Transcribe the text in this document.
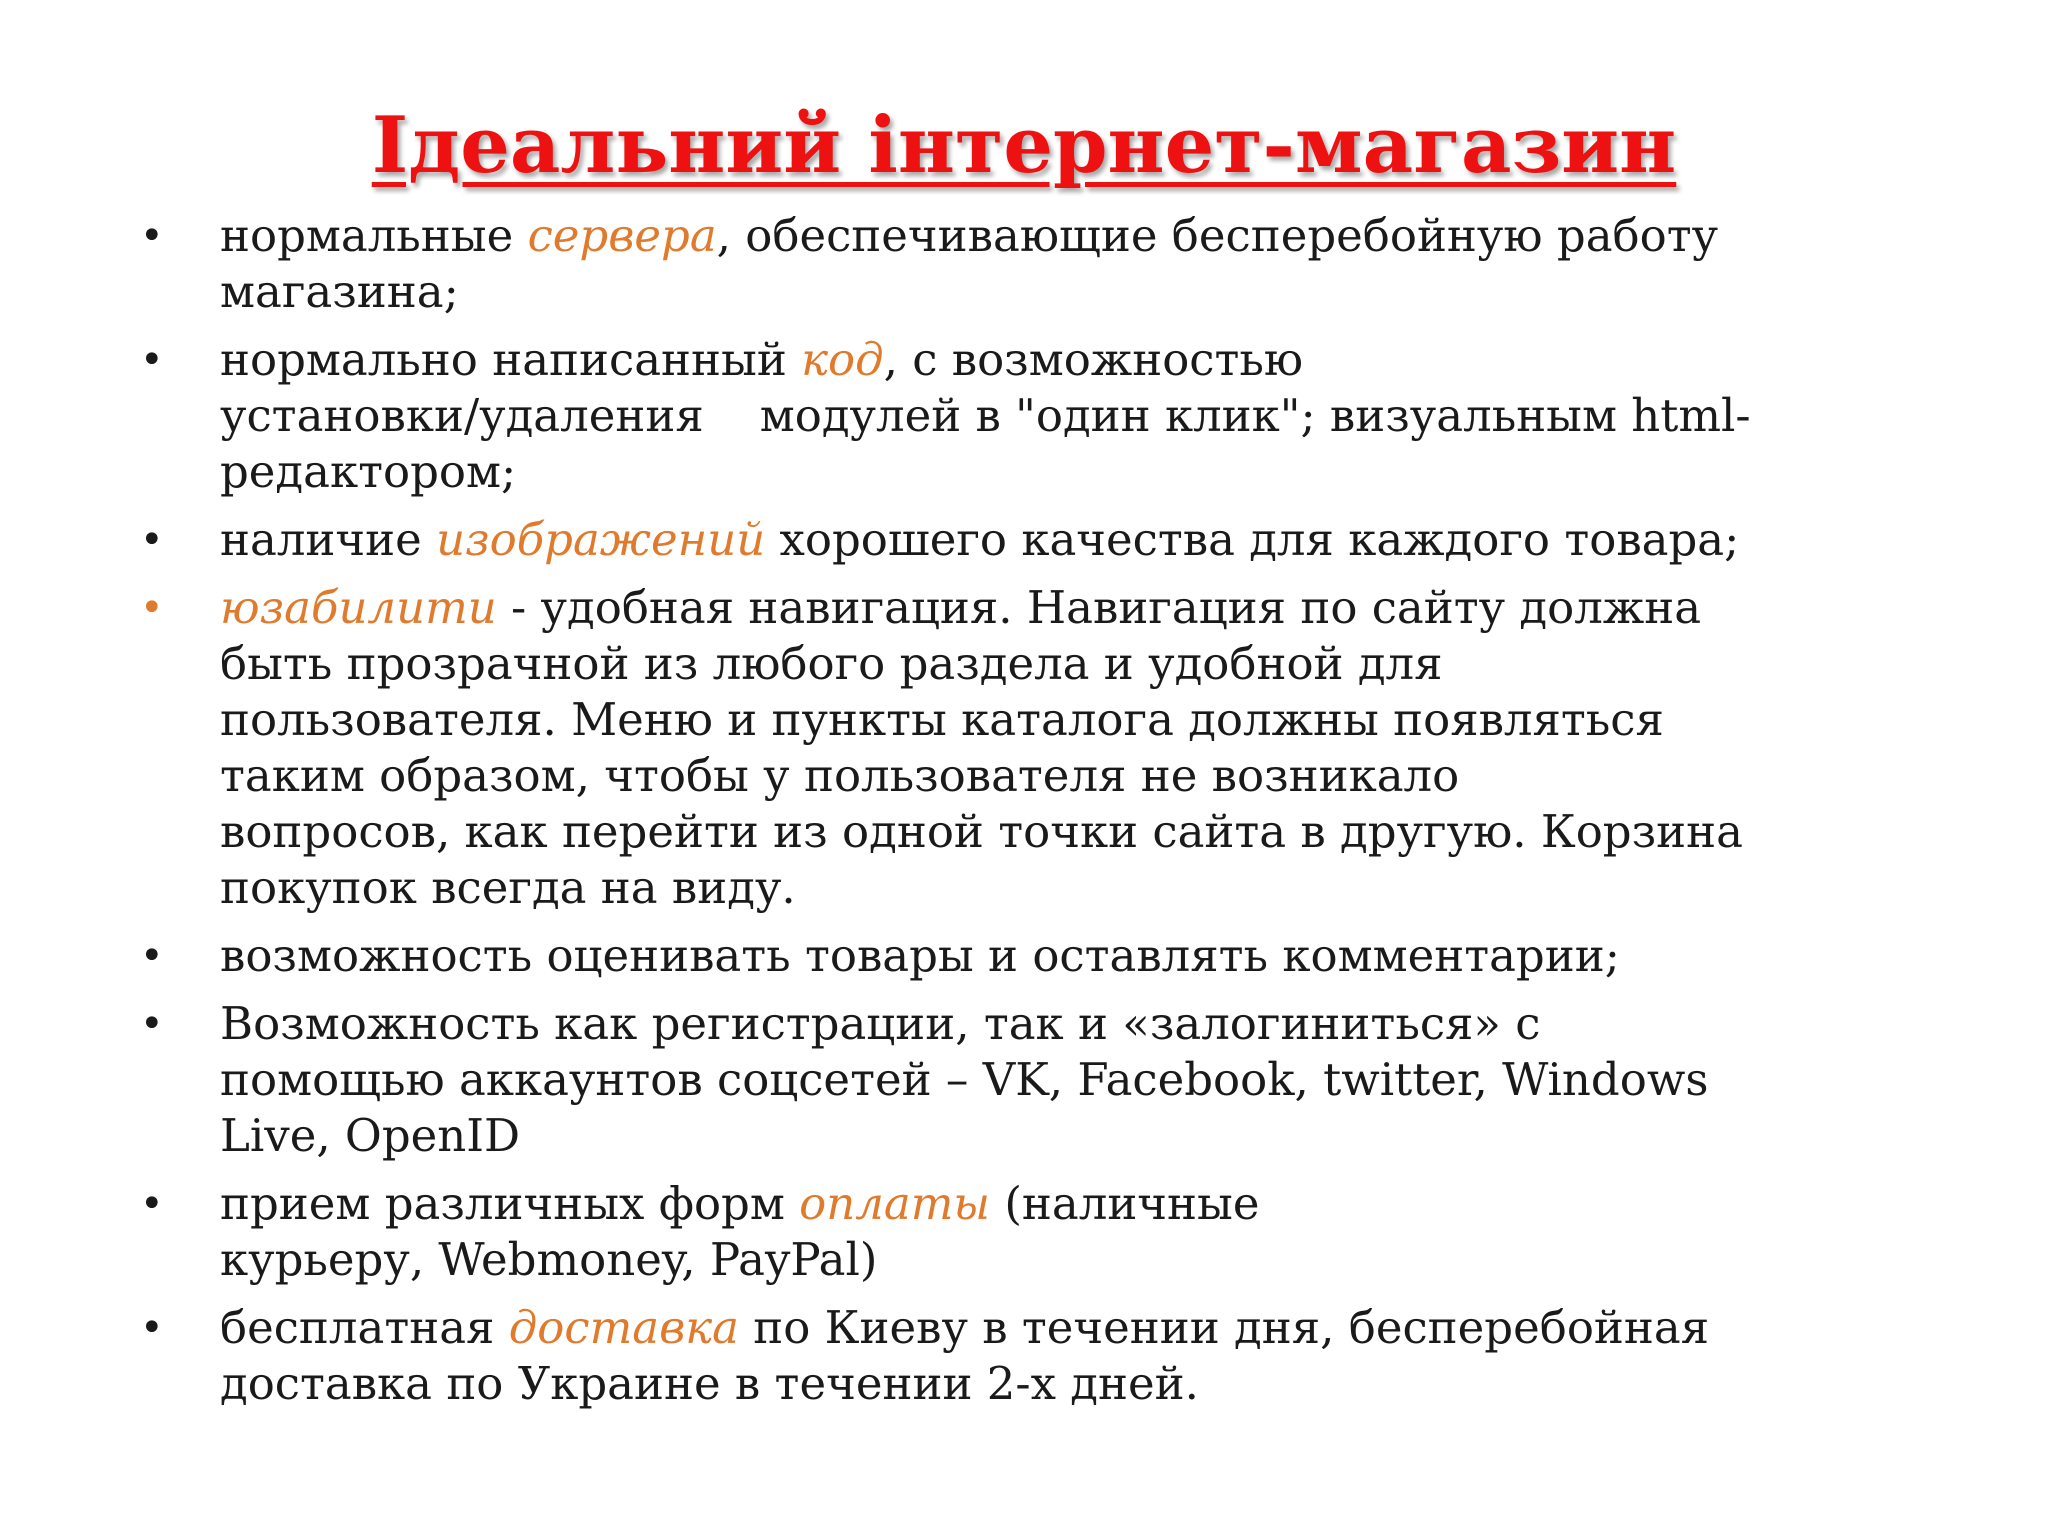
Ідеальний інтернет-магазин
•	нормальные сервера, обеспечивающие бесперебойную работу
магазина;
•	нормально написанный код, с возможностью
установки/удаления модулей в "один клик"; визуальным html-
редактором;
•	наличие изображений хорошего качества для каждого товара;
•	юзабилити - удобная навигация. Навигация по сайту должна
быть прозрачной из любого раздела и удобной для
пользователя. Меню и пункты каталога должны появляться
таким образом, чтобы у пользователя не возникало
вопросов, как перейти из одной точки сайта в другую. Корзина
покупок всегда на виду.
•	возможность оценивать товары и оставлять комментарии;
•	Возможность как регистрации, так и «залогиниться» с
помощью аккаунтов соцсетей – VK, Facebook, twitter, Windows
Live, OpenID
•	прием различных форм оплаты (наличные
курьеру, Webmoney, PayPal)
•	бесплатная доставка по Киеву в течении дня, бесперебойная
доставка по Украине в течении 2-х дней.
